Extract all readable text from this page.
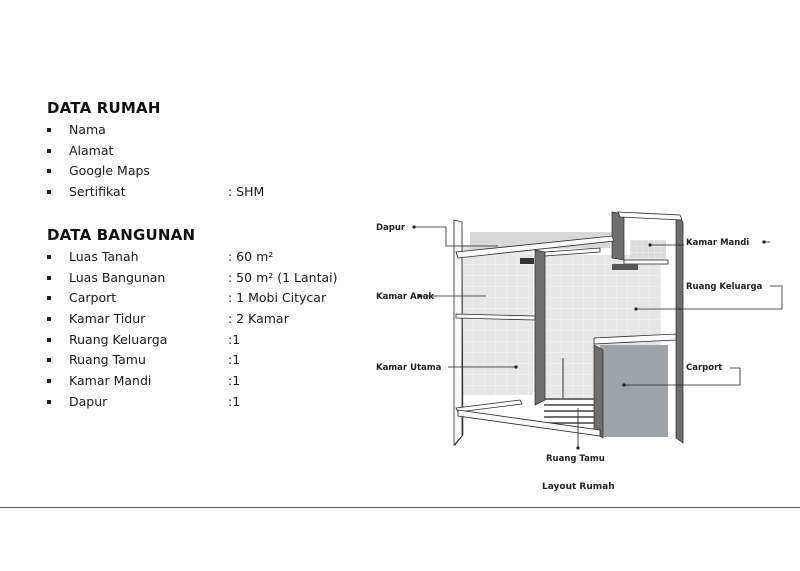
DATA RUMAH
Nama
Alamat
Google Maps
Sertifikat	: SHM
DATA BANGUNAN
Luas Tanah	: 60 m²
Luas Bangunan	: 50 m² (1 Lantai)
Carport	: 1 Mobi Citycar
Kamar Tidur	: 2 Kamar
Ruang Keluarga	:1
Ruang Tamu	:1
Kamar Mandi	:1
Dapur	:1
Dapur
Kamar Anak
Kamar Utama
Kamar Mandi
Ruang Keluarga
Carport
Ruang Tamu
Layout Rumah
